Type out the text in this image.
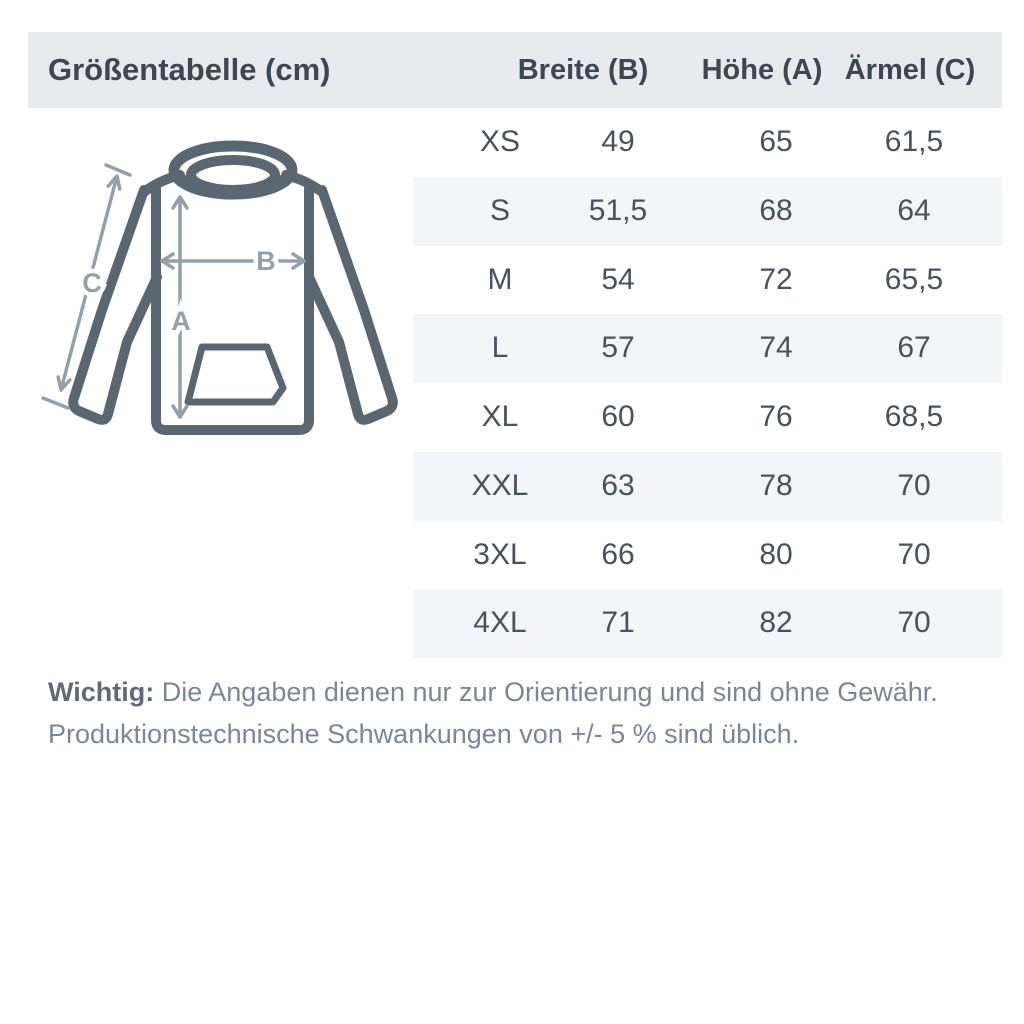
Größentabelle (cm)	Breite (B) Höhe (A) Ärmel (C)
A
B
C
XS	49	65	61,5
S	51,5	68	64
M	54	72	65,5
L	57	74	67
XL	60	76	68,5
XXL 63	78	70
3XL 66	80	70
4XL 71	82	70

Wichtig: Die Angaben dienen nur zur Orientierung und sind ohne Gewähr.
Produktionstechnische Schwankungen von +/- 5 % sind üblich.
